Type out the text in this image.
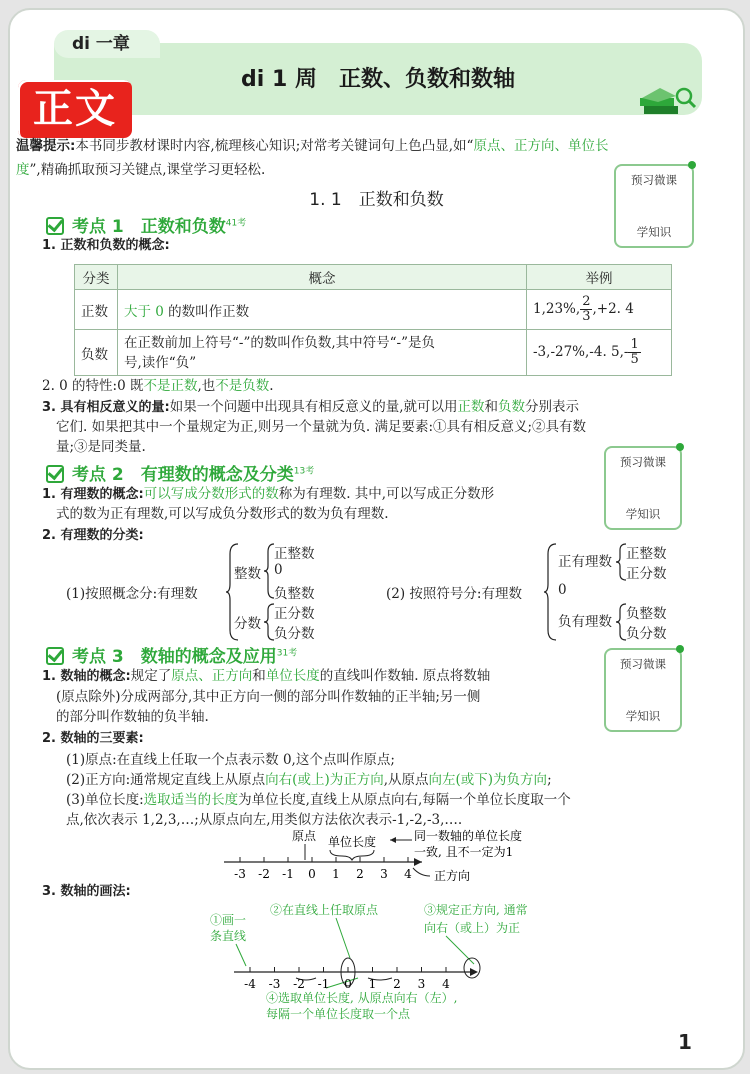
di 一章
di 1 周　正数、负数和数轴
正文
温馨提示:本书同步教材课时内容,梳理核心知识;对常考关键词句上色凸显,如“原点、正方向、单位长
度”,精确抓取预习关键点,课堂学习更轻松.
预习微课
学知识
预习微课
学知识
预习微课
学知识
1. 1　正数和负数
考点 1　正数和负数$^{41考}$
1. 正数和负数的概念:
分类	概念	举例
正数	大于 0 的数叫作正数	1,23%, $\frac{2}{3} ,+2$. 4
负数	在正数前加上符号“-”的数叫作负数,其中符号“-”是负
号,读作“负”	-3,-27%,-4. $5,- \frac{1}{5}$
2. 0 的特性:0 既不是正数,也不是负数.
3. 具有相反意义的量:如果一个问题中出现具有相反意义的量,就可以用正数和负数分别表示
它们. 如果把其中一个量规定为正,则另一个量就为负. 满足要素:①具有相反意义;②具有数
量;③是同类量.
考点 2　有理数的概念及分类$^{13考}$
1. 有理数的概念:可以写成分数形式的数称为有理数. 其中,可以写成正分数形
式的数为正有理数,可以写成负分数形式的数为负有理数.
2. 有理数的分类:
(1)按照概念分:有理数
整数
正整数
0
负整数
分数
正分数
负分数
(2) 按照符号分:有理数
正有理数 正整数
正分数
0
负有理数 负整数
负分数
考点 3　数轴的概念及应用$^{31考}$
1. 数轴的概念:规定了原点、正方向和单位长度的直线叫作数轴. 原点将数轴
(原点除外)分成两部分,其中正方向一侧的部分叫作数轴的正半轴;另一侧
的部分叫作数轴的负半轴.
2. 数轴的三要素:
(1)原点:在直线上任取一个点表示数 0,这个点叫作原点;
(2)正方向:通常规定直线上从原点向右(或上)为正方向,从原点向左(或下)为负方向;
(3)单位长度:选取适当的长度为单位长度,直线上从原点向右,每隔一个单位长度取一个
点,依次表示 1,2,3,…;从原点向左,用类似方法依次表示-1,-2,-3,….
原点 单位长度	同一数轴的单位长度
一致, 且不一定为1
正方向
-3 -2 -1 0 1 2 3 4
3. 数轴的画法:
①画一
条直线
②在直线上任取原点	③规定正方向, 通常
向右（或上）为正
④选取单位长度, 从原点向右（左）,
每隔一个单位长度取一个点
-4 -3 -2 -1 0 1 2 3 4
1
